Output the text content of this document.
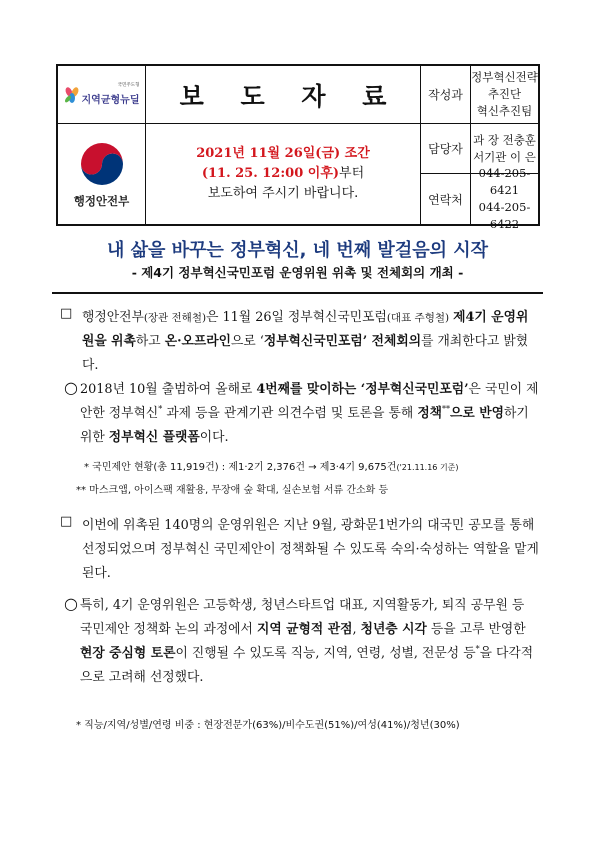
국민주도형
지역균형뉴딜 보 도 자 료 작성과
정부혁신전략추진단
혁신추진팀
행정안전부
2021년 11월 26일(금) 조간
(11. 25. 12:00 이후)부터
보도하여 주시기 바랍니다.
담당자
과 장 전충훈
서기관 이 은
연락처
044-205-6421
044-205-6422
내 삶을 바꾸는 정부혁신, 네 번째 발걸음의 시작
- 제4기 정부혁신국민포럼 운영위원 위촉 및 전체회의 개최 -
□ 행정안전부(장관 전해철)은 11월 26일 정부혁신국민포럼(대표 주형철) 제4기 운영위원을 위촉하고 온·오프라인으로 ‘정부혁신국민포럼’ 전체회의를 개최한다고 밝혔다.
○ 2018년 10월 출범하여 올해로 4번째를 맞이하는 ‘정부혁신국민포럼’은 국민이 제안한 정부혁신* 과제 등을 관계기관 의견수렴 및 토론을 통해 정책**으로 반영하기 위한 정부혁신 플랫폼이다.
* 국민제안 현황(총 11,919건) : 제1·2기 2,376건 → 제3·4기 9,675건('21.11.16 기준)
** 마스크앱, 아이스팩 재활용, 무장애 숲 확대, 실손보험 서류 간소화 등
□ 이번에 위촉된 140명의 운영위원은 지난 9월, 광화문1번가의 대국민 공모를 통해 선정되었으며 정부혁신 국민제안이 정책화될 수 있도록 숙의·숙성하는 역할을 맡게 된다.
○ 특히, 4기 운영위원은 고등학생, 청년스타트업 대표, 지역활동가, 퇴직 공무원 등 국민제안 정책화 논의 과정에서 지역 균형적 관점, 청년층 시각 등을 고루 반영한 현장 중심형 토론이 진행될 수 있도록 직능, 지역, 연령, 성별, 전문성 등*을 다각적으로 고려해 선정했다.
* 직능/지역/성별/연령 비중 : 현장전문가(63%)/비수도권(51%)/여성(41%)/청년(30%)
